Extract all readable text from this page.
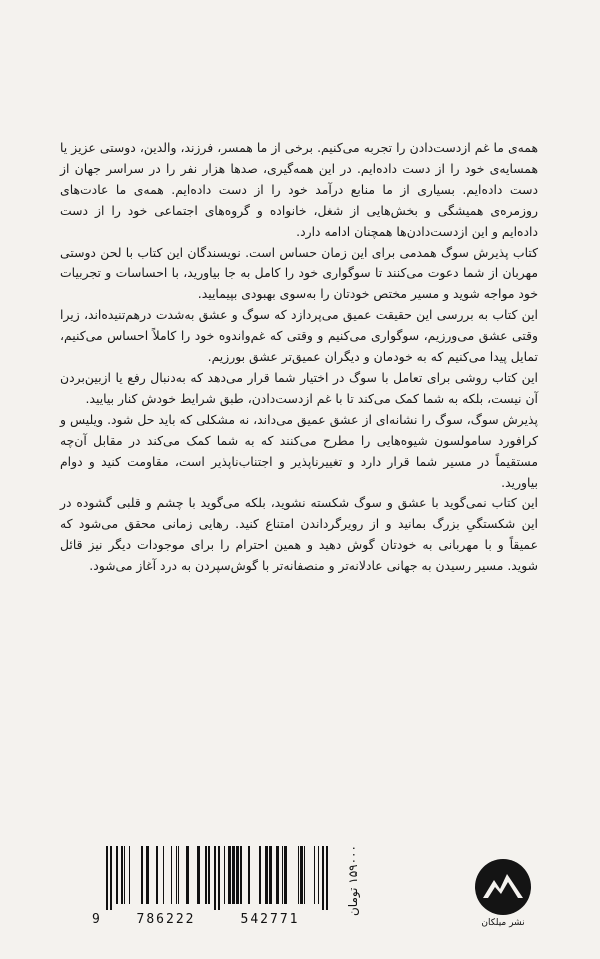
همه‌ی ما غم ازدست‌دادن را تجربه می‌کنیم. برخی از ما همسر، فرزند، والدین، دوستی عزیز یا همسایه‌ی خود را از دست داده‌ایم. در این همه‌گیری، صدها هزار نفر را در سراسر جهان از دست داده‌ایم. بسیاری از ما منابع درآمد خود را از دست داده‌ایم. همه‌ی ما عادت‌های روزمره‌ی همیشگی و بخش‌هایی از شغل، خانواده و گروه‌های اجتماعی خود را از دست داده‌ایم و این ازدست‌دادن‌ها همچنان ادامه دارد.

کتاب پذیرش سوگ همدمی برای این زمان حساس است. نویسندگان این کتاب با لحن دوستی مهربان از شما دعوت می‌کنند تا سوگواری خود را کامل به جا بیاورید، با احساسات و تجربیات خود مواجه شوید و مسیر مختص خودتان را به‌سوی بهبودی بپیمایید.

این کتاب به بررسی این حقیقت عمیق می‌پردازد که سوگ و عشق به‌شدت درهم‌تنیده‌اند، زیرا وقتی عشق می‌ورزیم، سوگواری می‌کنیم و وقتی که غم‌واندوه خود را کاملاً احساس می‌کنیم، تمایل پیدا می‌کنیم که به خودمان و دیگران عمیق‌تر عشق بورزیم.

این کتاب روشی برای تعامل با سوگ در اختیار شما قرار می‌دهد که به‌دنبال رفع یا ازبین‌بردن آن نیست، بلکه به شما کمک می‌کند تا با غم ازدست‌دادن، طبق شرایط خودش کنار بیایید.

پذیرش سوگ، سوگ را نشانه‌ای از عشق عمیق می‌داند، نه مشکلی که باید حل شود. ویلیس و کرافورد سامولسون شیوه‌هایی را مطرح می‌کنند که به شما کمک می‌کند در مقابل آن‌چه مستقیماً در مسیر شما قرار دارد و تغییرناپذیر و اجتناب‌ناپذیر است، مقاومت کنید و دوام بیاورید.

این کتاب نمی‌گوید با عشق و سوگ شکسته نشوید، بلکه می‌گوید با چشم و قلبی گشوده در این شکستگیِ بزرگ بمانید و از رویرگرداندن امتناع کنید. رهایی زمانی محقق می‌شود که عمیقاً و با مهربانی به خودتان گوش دهید و همین احترام را برای موجودات دیگر نیز قائل شوید. مسیر رسیدن به جهانی عادلانه‌تر و منصفانه‌تر با گوش‌سپردن به درد آغاز می‌شود.

9	786222	542771
۱۵۹۰۰۰ تومان
نشر میلکان
